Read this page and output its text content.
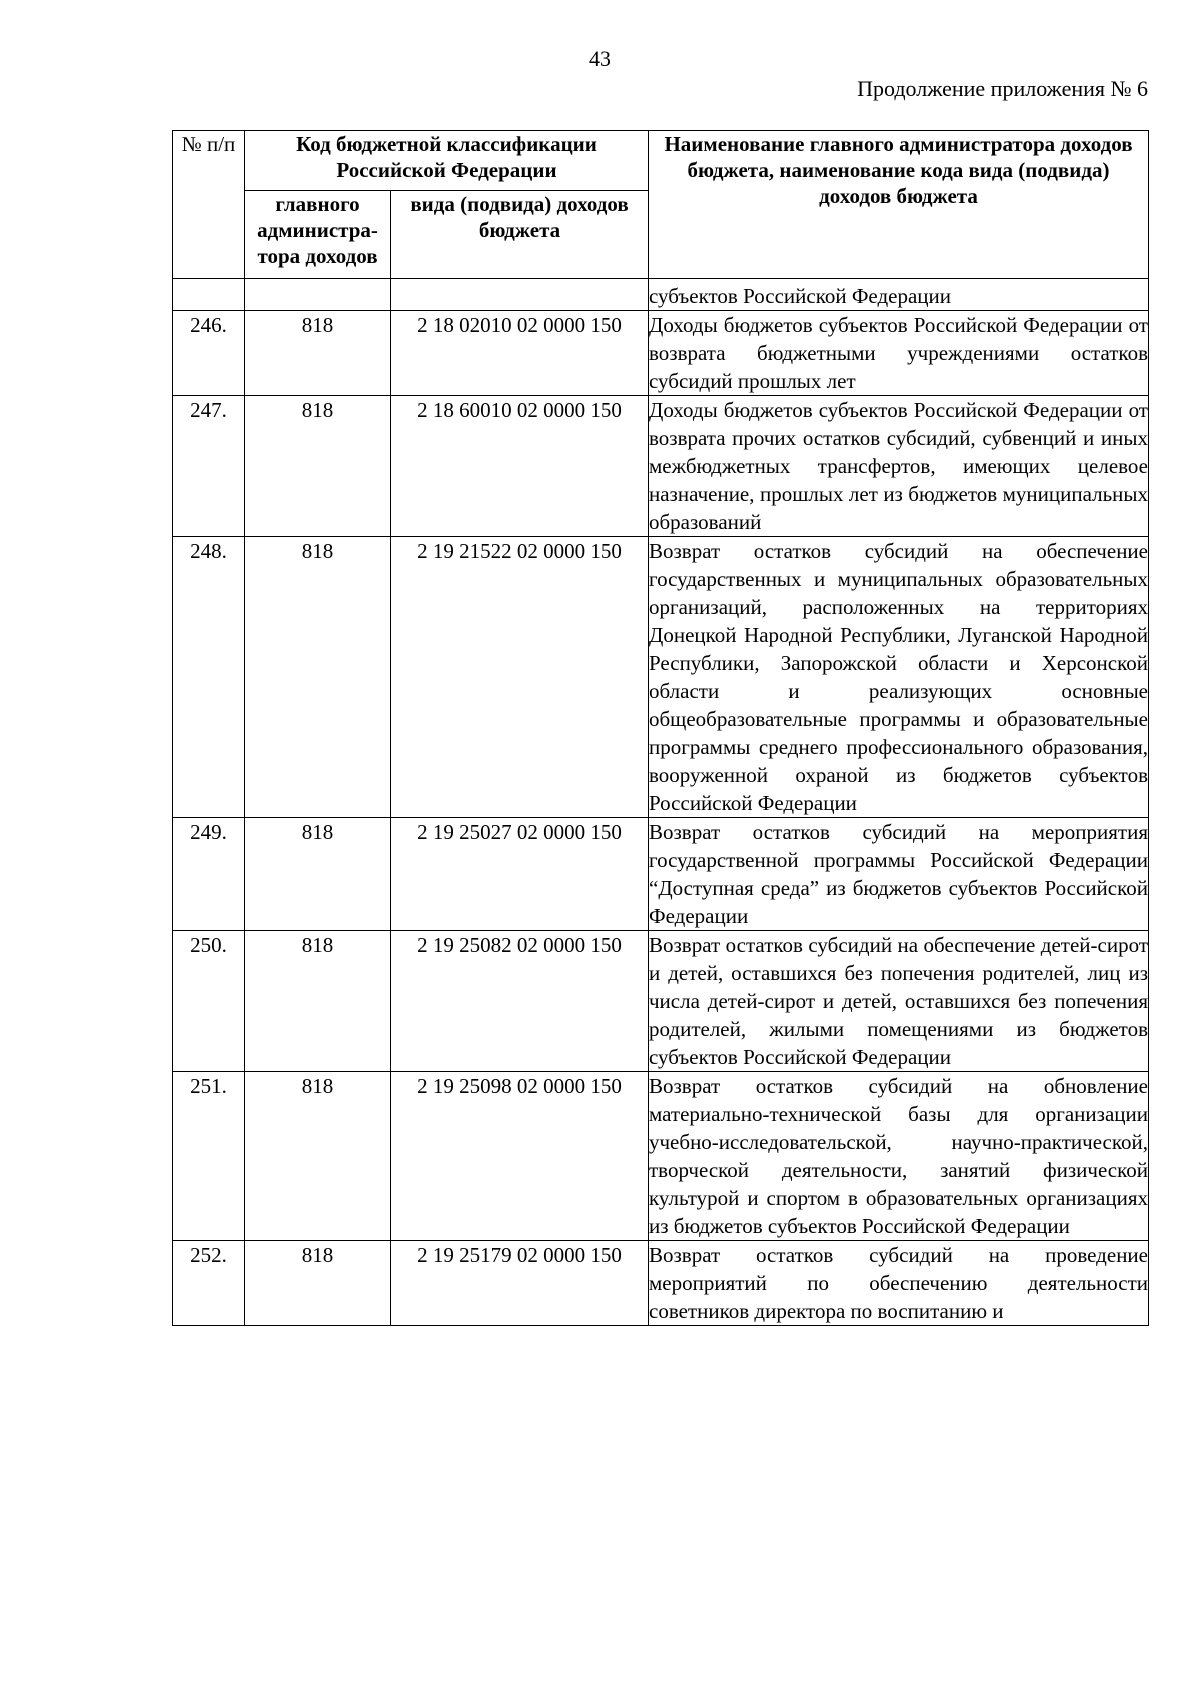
43
Продолжение приложения № 6
№ п/п	Код бюджетной классификации Российской Федерации		Наименование главного администратора доходов бюджета, наименование кода вида (подвида) доходов бюджета
	главного администра-тора доходов	вида (подвида) доходов бюджета	
			субъектов Российской Федерации
246.	818	2 18 02010 02 0000 150	Доходы бюджетов субъектов Российской Федерации от возврата бюджетными учреждениями остатков субсидий прошлых лет
247.	818	2 18 60010 02 0000 150	Доходы бюджетов субъектов Российской Федерации от возврата прочих остатков субсидий, субвенций и иных межбюджетных трансфертов, имеющих целевое назначение, прошлых лет из бюджетов муниципальных образований
248.	818	2 19 21522 02 0000 150	Возврат остатков субсидий на обеспечение государственных и муниципальных образовательных организаций, расположенных на территориях Донецкой Народной Республики, Луганской Народной Республики, Запорожской области и Херсонской области и реализующих основные общеобразовательные программы и образовательные программы среднего профессионального образования, вооруженной охраной из бюджетов субъектов Российской Федерации
249.	818	2 19 25027 02 0000 150	Возврат остатков субсидий на мероприятия государственной программы Российской Федерации “Доступная среда” из бюджетов субъектов Российской Федерации
250.	818	2 19 25082 02 0000 150	Возврат остатков субсидий на обеспечение детей-сирот и детей, оставшихся без попечения родителей, лиц из числа детей-сирот и детей, оставшихся без попечения родителей, жилыми помещениями из бюджетов субъектов Российской Федерации
251.	818	2 19 25098 02 0000 150	Возврат остатков субсидий на обновление материально-технической базы для организации учебно-исследовательской, научно-практической, творческой деятельности, занятий физической культурой и спортом в образовательных организациях из бюджетов субъектов Российской Федерации
252.	818	2 19 25179 02 0000 150	Возврат остатков субсидий на проведение мероприятий по обеспечению деятельности советников директора по воспитанию и
